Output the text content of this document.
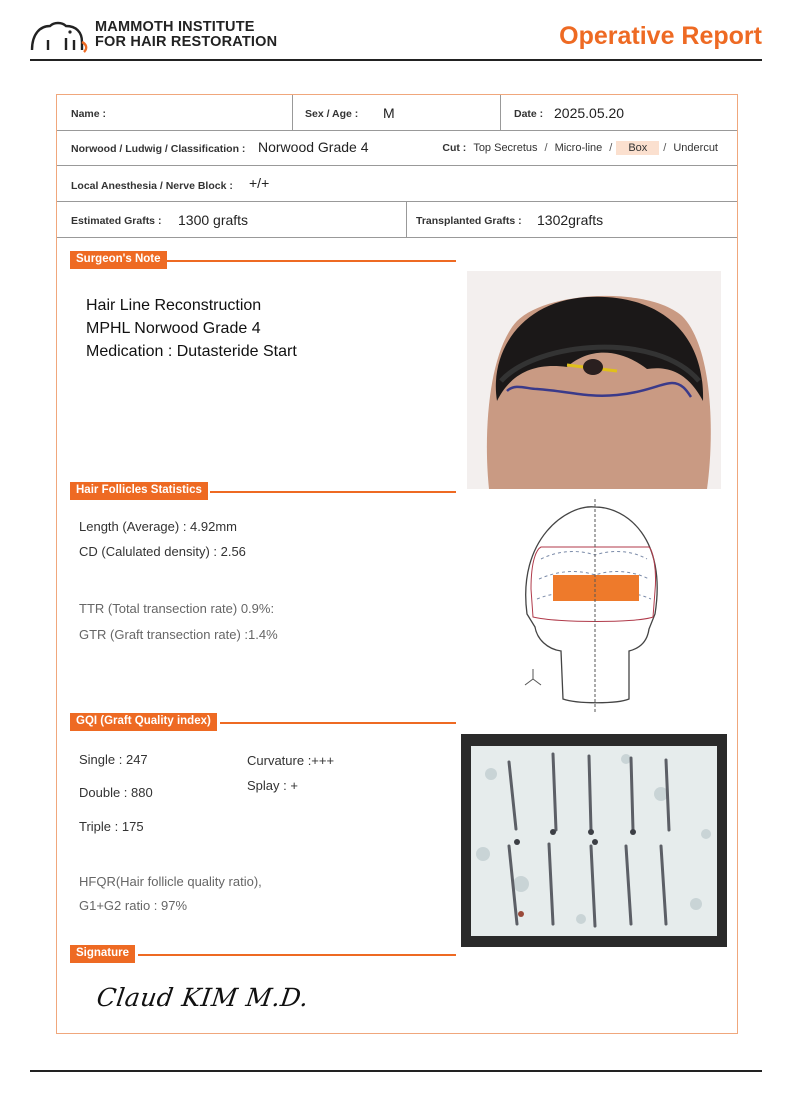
MAMMOTH INSTITUTE
FOR HAIR RESTORATION	Operative Report
Name :	Sex / Age : M	Date : 2025.05.20
Norwood / Ludwig / Classification : Norwood Grade 4	Cut : Top Secretus / Micro-line /	Box	/ Undercut
Local Anesthesia / Nerve Block : +/+
Estimated Grafts : 1300 grafts	Transplanted Grafts : 1302grafts
Surgeon's Note
Hair Line Reconstruction
MPHL Norwood Grade 4
Medication : Dutasteride Start
Hair Follicles Statistics
Length (Average) : 4.92mm
CD (Calulated density) : 2.56
TTR (Total transection rate) 0.9%:
GTR (Graft transection rate) :1.4%
GQI (Graft Quality index)
Single : 247
Double : 880
Triple : 175
Curvature :+++
Splay : +
HFQR(Hair follicle quality ratio),
G1+G2 ratio : 97%
Signature
Claud KIM M.D.
